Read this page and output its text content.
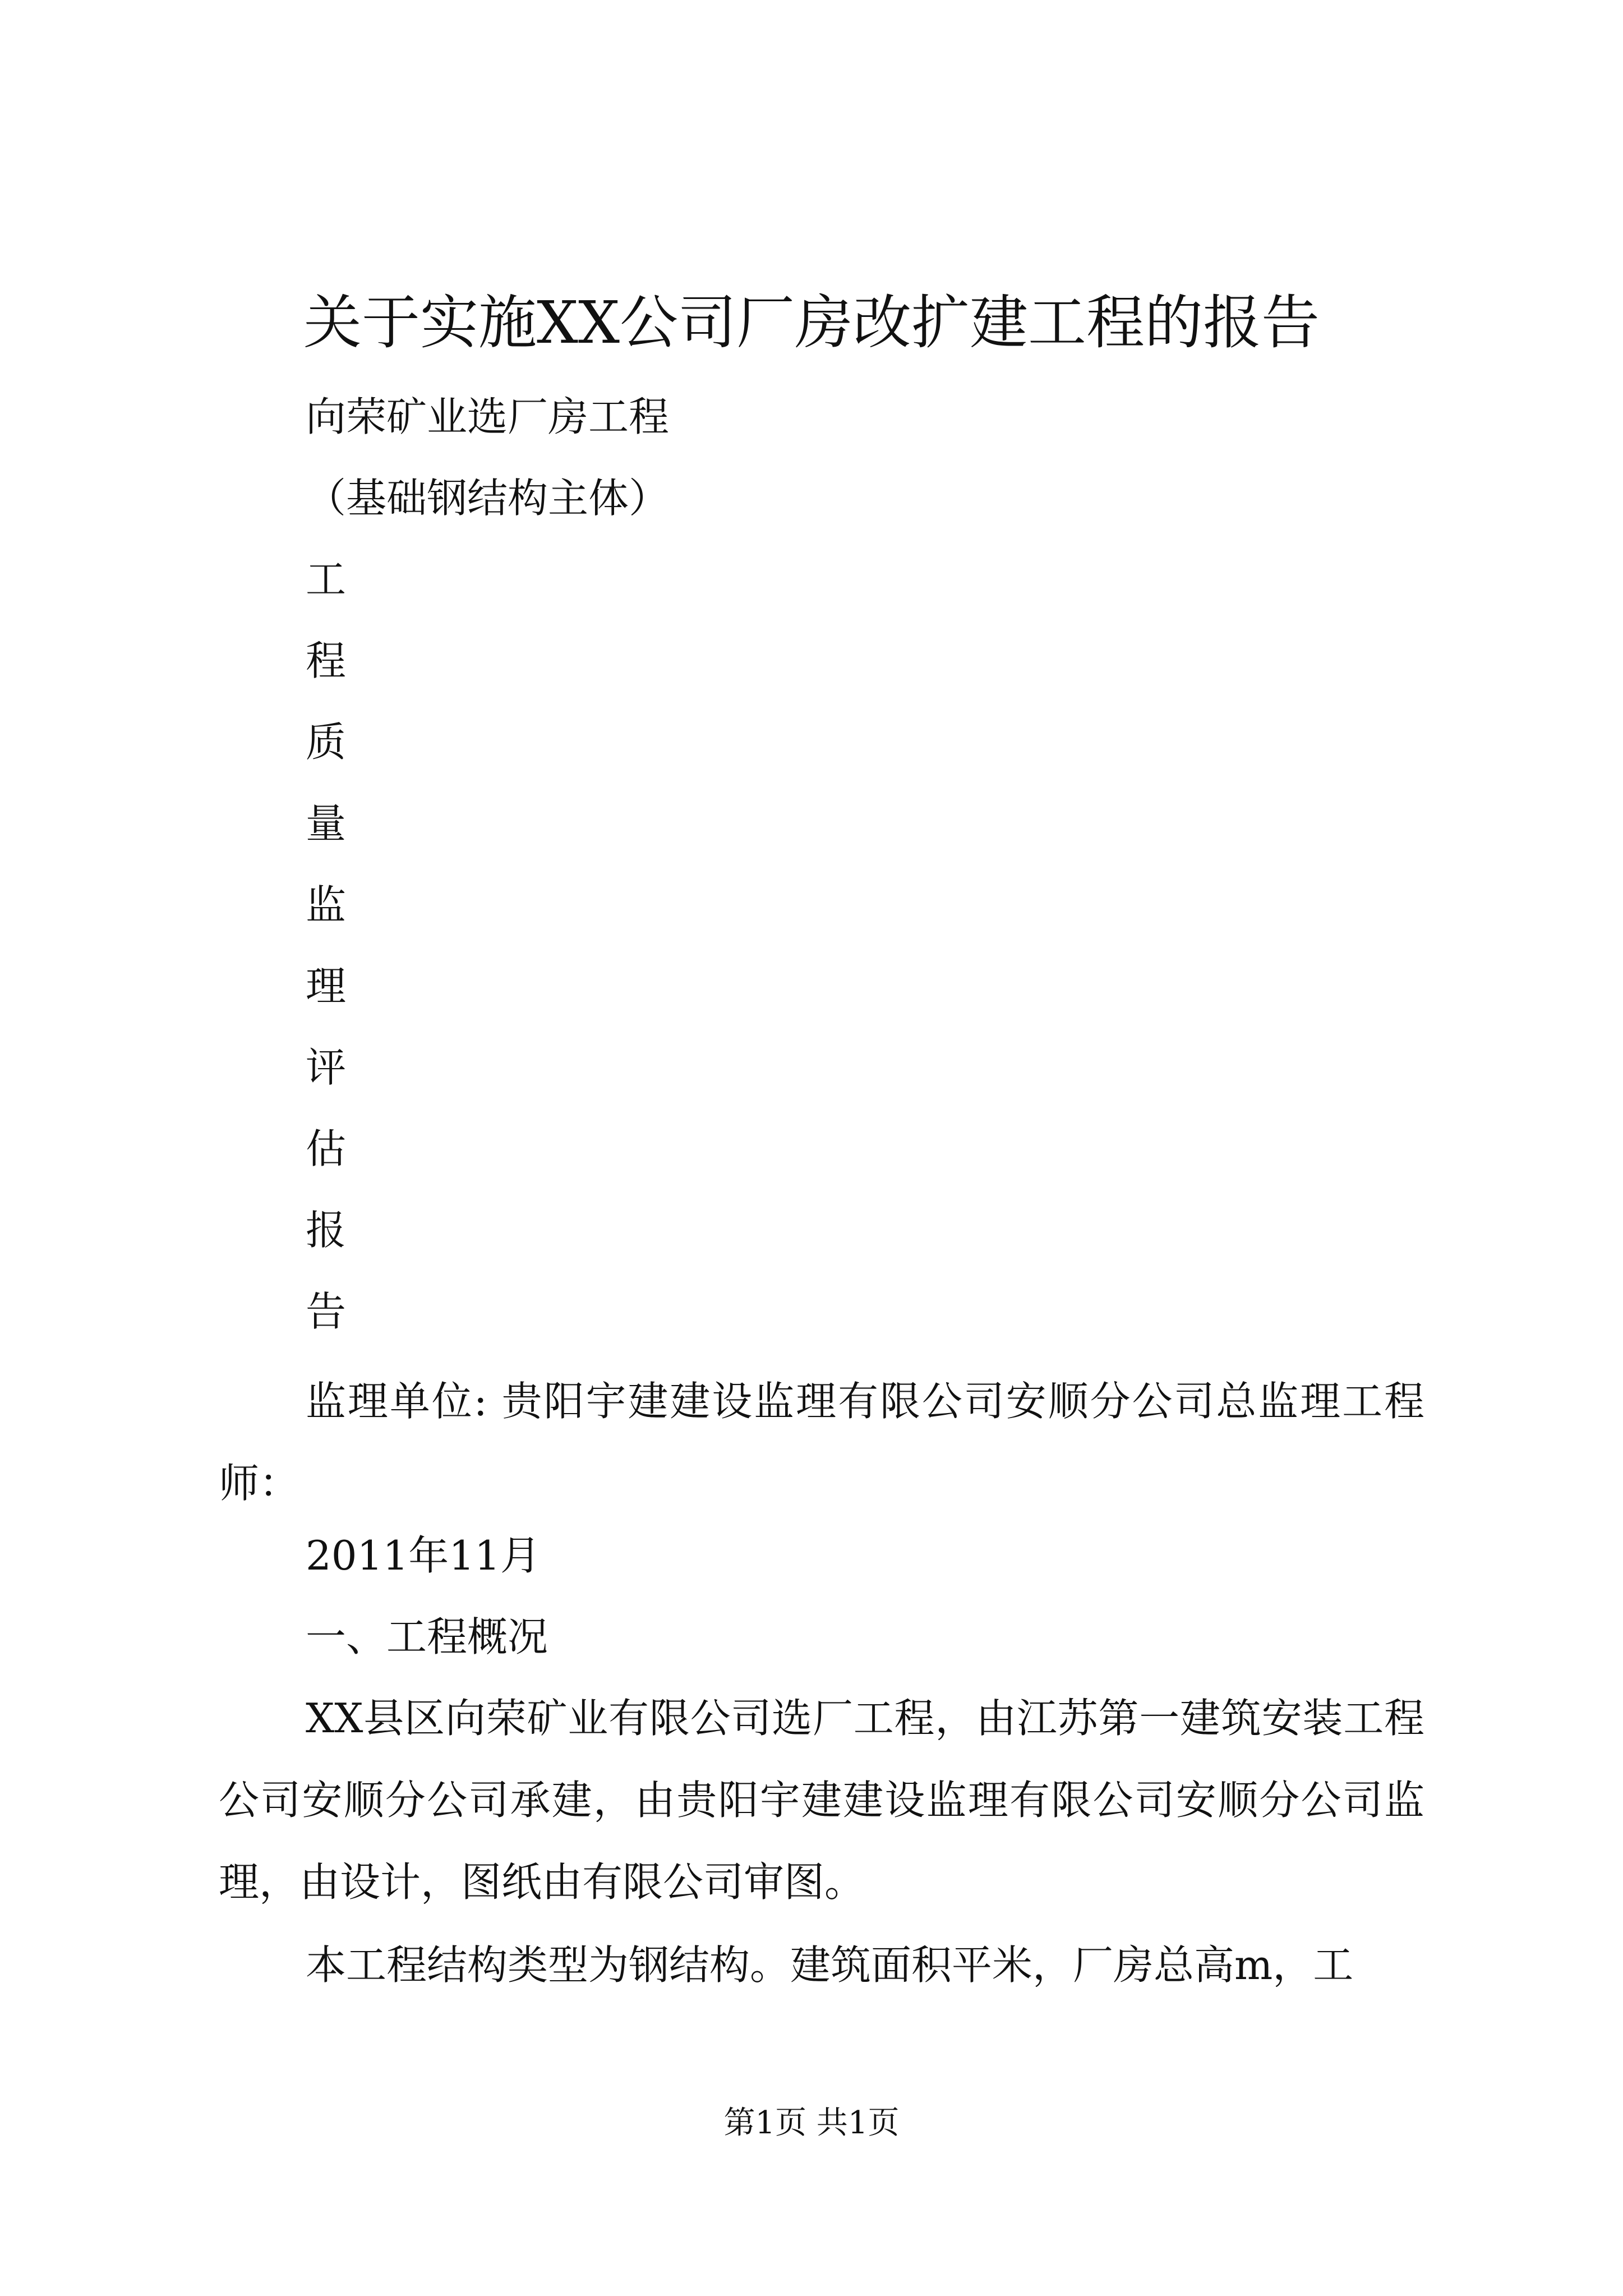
关于实施XX公司厂房改扩建工程的报告

向荣矿业选厂房工程

（基础钢结构主体）

工

程

质

量

监

理

评

估

报

告

监理单位: 贵阳宇建建设监理有限公司安顺分公司总监理工程师：

2011年11月

一、工程概况

XX县区向荣矿业有限公司选厂工程，由江苏第一建筑安装工程公司安顺分公司承建，由贵阳宇建建设监理有限公司安顺分公司监理，由设计，图纸由有限公司审图。

本工程结构类型为钢结构。建筑面积平米，厂房总高m，工

第1页 共1页
